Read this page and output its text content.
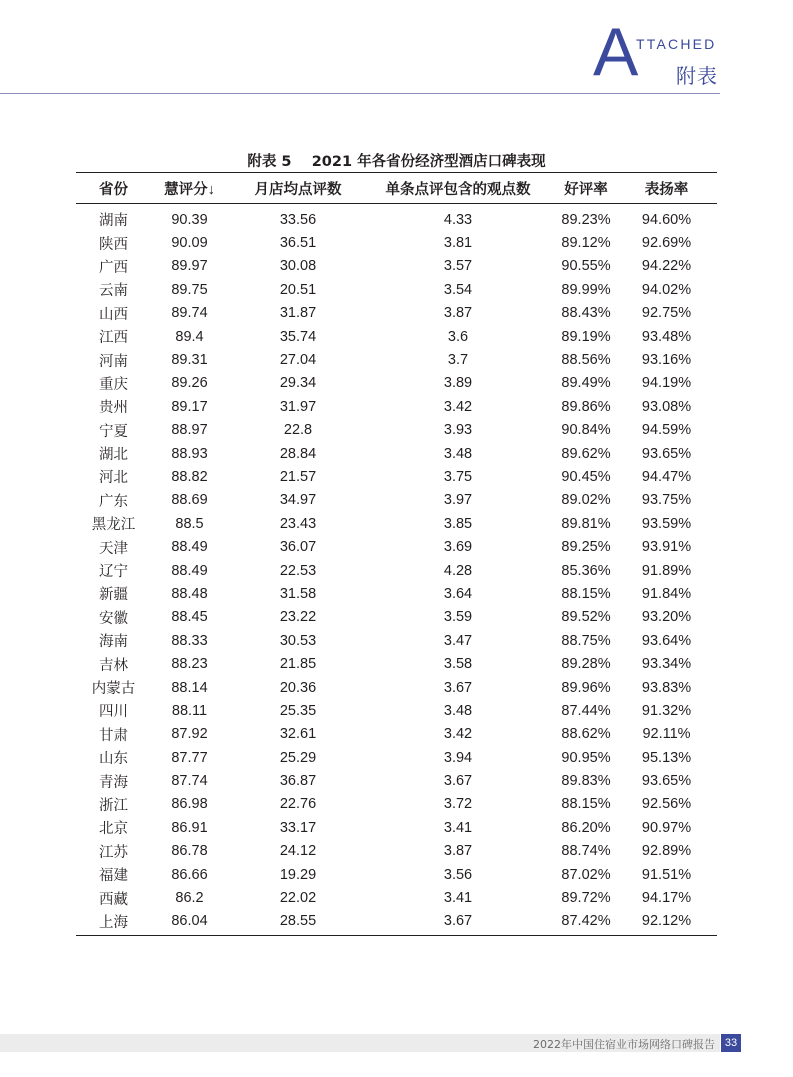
A
TTACHED
附表
附表 5 2021 年各省份经济型酒店口碑表现
省份	慧评分↓	月店均点评数	单条点评包含的观点数	好评率	表扬率
湖南	90.39	33.56	4.33	89.23%	94.60%
陕西	90.09	36.51	3.81	89.12%	92.69%
广西	89.97	30.08	3.57	90.55%	94.22%
云南	89.75	20.51	3.54	89.99%	94.02%
山西	89.74	31.87	3.87	88.43%	92.75%
江西	89.4	35.74	3.6	89.19%	93.48%
河南	89.31	27.04	3.7	88.56%	93.16%
重庆	89.26	29.34	3.89	89.49%	94.19%
贵州	89.17	31.97	3.42	89.86%	93.08%
宁夏	88.97	22.8	3.93	90.84%	94.59%
湖北	88.93	28.84	3.48	89.62%	93.65%
河北	88.82	21.57	3.75	90.45%	94.47%
广东	88.69	34.97	3.97	89.02%	93.75%
黑龙江	88.5	23.43	3.85	89.81%	93.59%
天津	88.49	36.07	3.69	89.25%	93.91%
辽宁	88.49	22.53	4.28	85.36%	91.89%
新疆	88.48	31.58	3.64	88.15%	91.84%
安徽	88.45	23.22	3.59	89.52%	93.20%
海南	88.33	30.53	3.47	88.75%	93.64%
吉林	88.23	21.85	3.58	89.28%	93.34%
内蒙古	88.14	20.36	3.67	89.96%	93.83%
四川	88.11	25.35	3.48	87.44%	91.32%
甘肃	87.92	32.61	3.42	88.62%	92.11%
山东	87.77	25.29	3.94	90.95%	95.13%
青海	87.74	36.87	3.67	89.83%	93.65%
浙江	86.98	22.76	3.72	88.15%	92.56%
北京	86.91	33.17	3.41	86.20%	90.97%
江苏	86.78	24.12	3.87	88.74%	92.89%
福建	86.66	19.29	3.56	87.02%	91.51%
西藏	86.2	22.02	3.41	89.72%	94.17%
上海	86.04	28.55	3.67	87.42%	92.12%
2022年中国住宿业市场网络口碑报告 33
